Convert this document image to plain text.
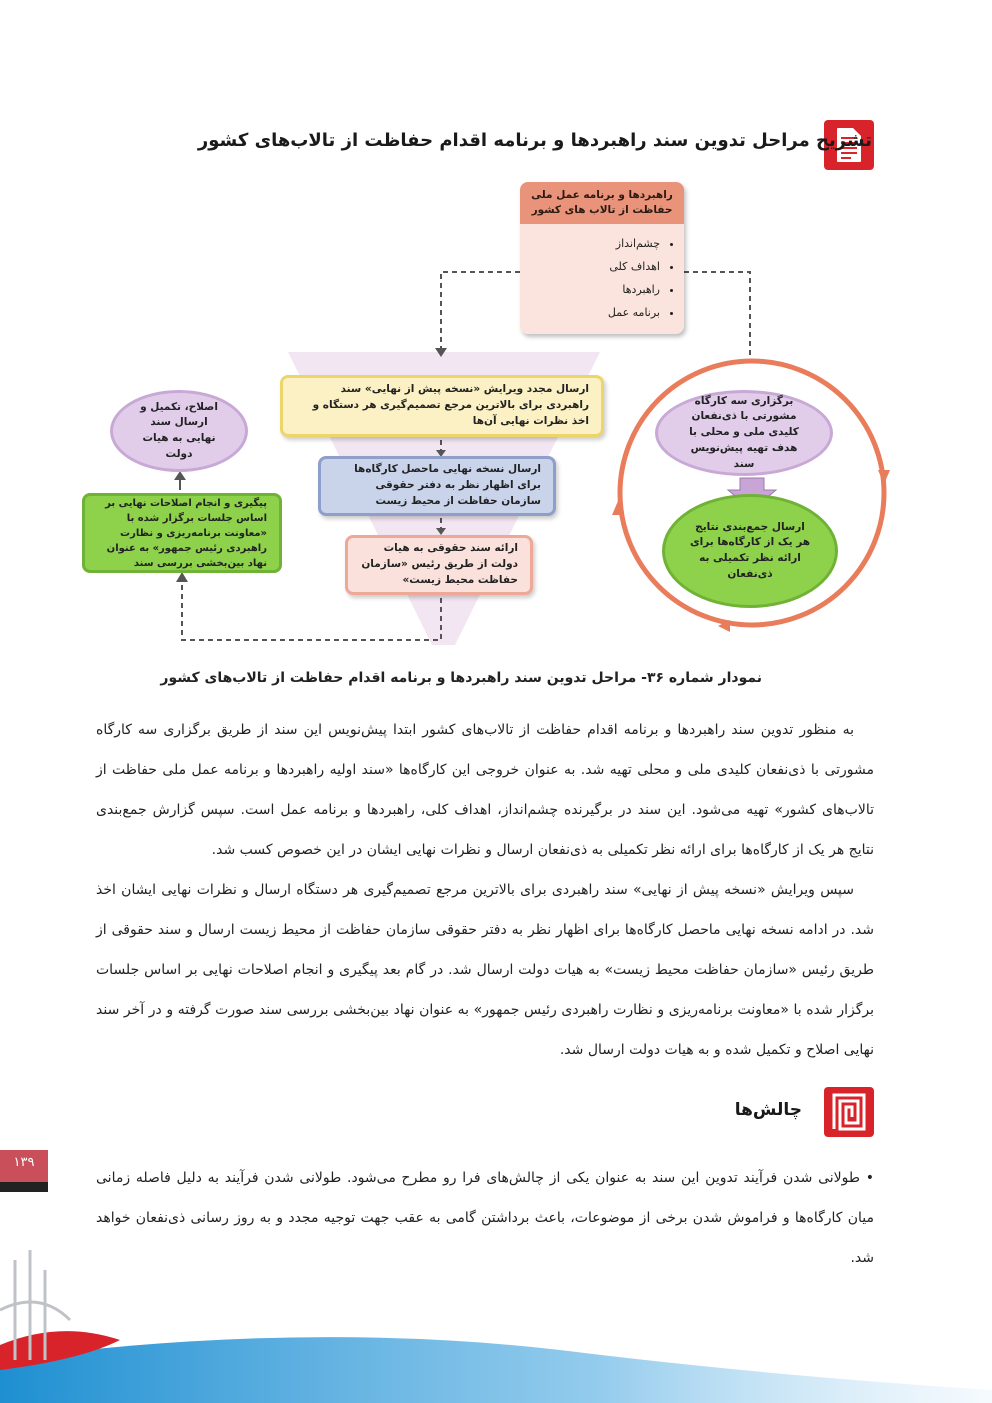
تشریح مراحل تدوین سند راهبردها و برنامه اقدام حفاظت از تالاب‌های کشور
راهبردها و برنامه عمل ملی حفاظت از تالاب های کشور
• چشم‌انداز
• اهداف کلی
• راهبردها
• برنامه عمل
ارسال مجدد ویرایش «نسخه پیش از نهایی» سند راهبردی برای بالاترین مرجع تصمیم‌گیری هر دستگاه و اخذ نظرات نهایی آن‌ها
ارسال نسخه نهایی ماحصل کارگاه‌ها برای اظهار نظر به دفتر حقوقی سازمان حفاظت از محیط زیست
ارائه سند حقوقی به هیات دولت از طریق رئیس «سازمان حفاظت محیط زیست»
اصلاح، تکمیل و ارسال سند نهایی به هیات دولت
پیگیری و انجام اصلاحات نهایی بر اساس جلسات برگزار شده با «معاونت برنامه‌ریزی و نظارت راهبردی رئیس جمهور» به عنوان نهاد بین‌بخشی بررسی سند
برگزاری سه کارگاه مشورتی با ذی‌نفعان کلیدی ملی و محلی با هدف تهیه پیش‌نویس سند
ارسال جمع‌بندی نتایج هر یک از کارگاه‌ها برای ارائه نظر تکمیلی به ذی‌نفعان
نمودار شماره ۳۶- مراحل تدوین سند راهبردها و برنامه اقدام حفاظت از تالاب‌های کشور

به منظور تدوین سند راهبردها و برنامه اقدام حفاظت از تالاب‌های کشور ابتدا پیش‌نویس این سند از طریق برگزاری سه کارگاه مشورتی با ذی‌نفعان کلیدی ملی و محلی تهیه شد. به عنوان خروجی این کارگاه‌ها «سند اولیه راهبردها و برنامه عمل ملی حفاظت از تالاب‌های کشور» تهیه می‌شود. این سند در برگیرنده چشم‌انداز، اهداف کلی، راهبردها و برنامه عمل است. سپس گزارش جمع‌بندی نتایج هر یک از کارگاه‌ها برای ارائه نظر تکمیلی به ذی‌نفعان ارسال و نظرات نهایی ایشان در این خصوص کسب شد.

سپس ویرایش «نسخه پیش از نهایی» سند راهبردی برای بالاترین مرجع تصمیم‌گیری هر دستگاه ارسال و نظرات نهایی ایشان اخذ شد. در ادامه نسخه نهایی ماحصل کارگاه‌ها برای اظهار نظر به دفتر حقوقی سازمان حفاظت از محیط زیست ارسال و سند حقوقی از طریق رئیس «سازمان حفاظت محیط زیست» به هیات دولت ارسال شد. در گام بعد پیگیری و انجام اصلاحات نهایی بر اساس جلسات برگزار شده با «معاونت برنامه‌ریزی و نظارت راهبردی رئیس جمهور» به عنوان نهاد بین‌بخشی بررسی سند صورت گرفته و در آخر سند نهایی اصلاح و تکمیل شده و به هیات دولت ارسال شد.

چالش‌ها

• طولانی شدن فرآیند تدوین این سند به عنوان یکی از چالش‌های فرا رو مطرح می‌شود. طولانی شدن فرآیند به دلیل فاصله زمانی میان کارگاه‌ها و فراموش شدن برخی از موضوعات، باعث برداشتن گامی به عقب جهت توجیه مجدد و به روز رسانی ذی‌نفعان خواهد شد.

۱۳۹
